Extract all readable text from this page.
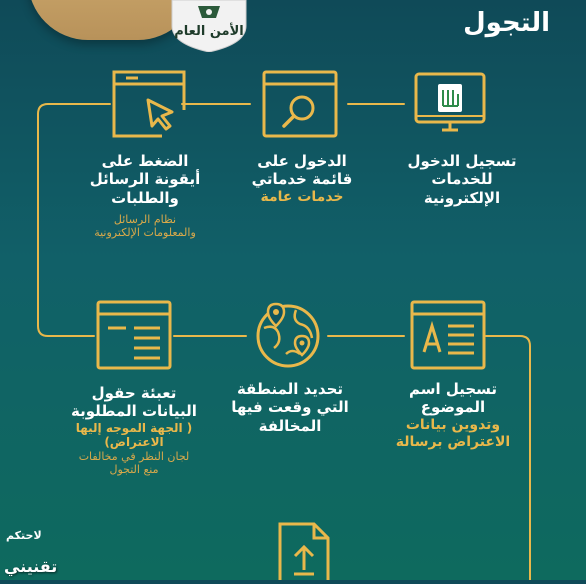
الأمن العام	التجول
تسجيل الدخول
للخدمات
الإلكترونية
الدخول على
قائمة خدماتي
خدمات عامة
الضغط على
أيقونة الرسائل
والطلبات
نظام الرسائل
والمعلومات الإلكترونية
تعبئة حقول
البيانات المطلوبة
( الجهة الموجه إليها
الاعتراض)
لجان النظر في مخالفات
منع التجول
تحديد المنطقة
التي وقعت فيها
المخالفة
تسجيل اسم
الموضوع
وتدوين بيانات
الاعتراض برسالة
لاحتكم
تقنيني
